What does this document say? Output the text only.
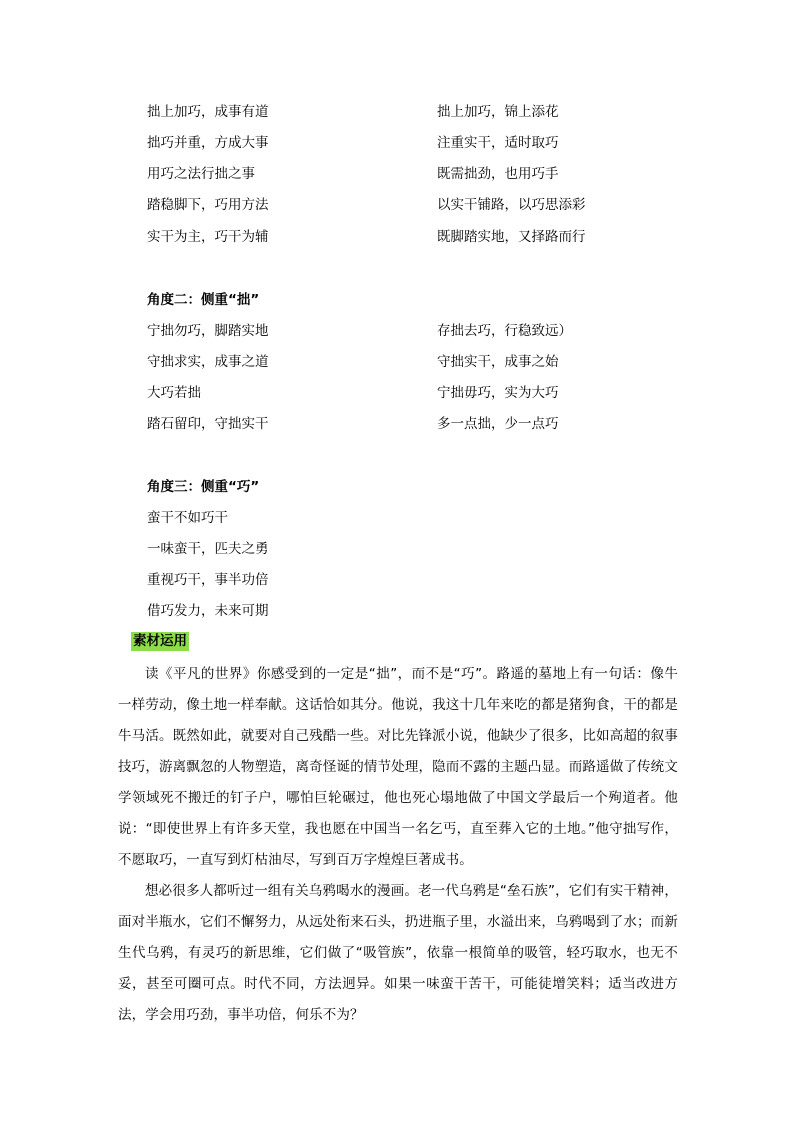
拙上加巧，成事有道	拙上加巧，锦上添花
拙巧并重，方成大事	注重实干，适时取巧
用巧之法行拙之事	既需拙劲，也用巧手
踏稳脚下，巧用方法	以实干铺路，以巧思添彩
实干为主，巧干为辅	既脚踏实地，又择路而行
角度二：侧重“拙”
宁拙勿巧，脚踏实地	存拙去巧，行稳致远）
守拙求实，成事之道	守拙实干，成事之始
大巧若拙	宁拙毋巧，实为大巧
踏石留印，守拙实干	多一点拙，少一点巧
角度三：侧重“巧”
蛮干不如巧干
一味蛮干，匹夫之勇
重视巧干，事半功倍
借巧发力，未来可期
素材运用

读《平凡的世界》你感受到的一定是“拙”，而不是“巧”。路遥的墓地上有一句话：像牛一样劳动，像土地一样奉献。这话恰如其分。他说，我这十几年来吃的都是猪狗食，干的都是牛马活。既然如此，就要对自己残酷一些。对比先锋派小说，他缺少了很多，比如高超的叙事技巧，游离飘忽的人物塑造，离奇怪诞的情节处理，隐而不露的主题凸显。而路遥做了传统文学领域死不搬迁的钉子户，哪怕巨轮碾过，他也死心塌地做了中国文学最后一个殉道者。他说：“即使世界上有许多天堂，我也愿在中国当一名乞丐，直至葬入它的土地。”他守拙写作，不愿取巧，一直写到灯枯油尽，写到百万字煌煌巨著成书。

想必很多人都听过一组有关乌鸦喝水的漫画。老一代乌鸦是“垒石族”，它们有实干精神，面对半瓶水，它们不懈努力，从远处衔来石头，扔进瓶子里，水溢出来，乌鸦喝到了水；而新生代乌鸦，有灵巧的新思维，它们做了“吸管族”，依靠一根简单的吸管，轻巧取水，也无不妥，甚至可圈可点。时代不同，方法迥异。如果一味蛮干苦干，可能徒增笑料；适当改进方法，学会用巧劲，事半功倍，何乐不为？
